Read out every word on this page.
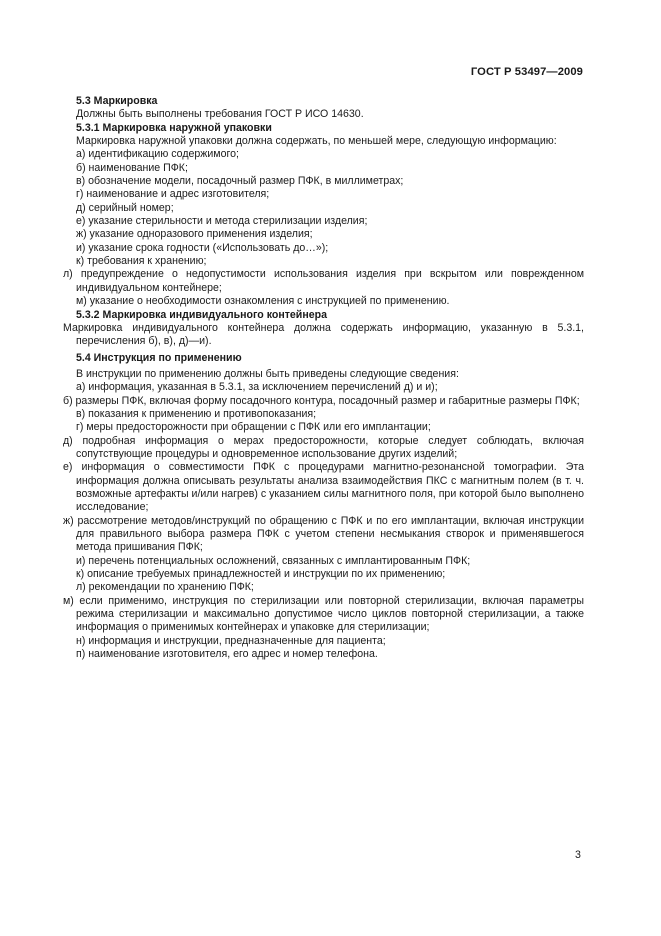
ГОСТ Р 53497—2009

5.3 Маркировка

Должны быть выполнены требования ГОСТ Р ИСО 14630.

5.3.1 Маркировка наружной упаковки

Маркировка наружной упаковки должна содержать, по меньшей мере, следующую информацию:

а) идентификацию содержимого;

б) наименование ПФК;

в) обозначение модели, посадочный размер ПФК, в миллиметрах;

г) наименование и адрес изготовителя;

д) серийный номер;

е) указание стерильности и метода стерилизации изделия;

ж) указание одноразового применения изделия;

и) указание срока годности («Использовать до…»);

к) требования к хранению;

л) предупреждение о недопустимости использования изделия при вскрытом или поврежденном индивидуальном контейнере;

м) указание о необходимости ознакомления с инструкцией по применению.

5.3.2 Маркировка индивидуального контейнера

Маркировка индивидуального контейнера должна содержать информацию, указанную в 5.3.1, перечисления б), в), д)—и).

5.4 Инструкция по применению

В инструкции по применению должны быть приведены следующие сведения:

а) информация, указанная в 5.3.1, за исключением перечислений д) и и);

б) размеры ПФК, включая форму посадочного контура, посадочный размер и габаритные размеры ПФК;

в) показания к применению и противопоказания;

г) меры предосторожности при обращении с ПФК или его имплантации;

д) подробная информация о мерах предосторожности, которые следует соблюдать, включая сопутствующие процедуры и одновременное использование других изделий;

е) информация о совместимости ПФК с процедурами магнитно-резонансной томографии. Эта информация должна описывать результаты анализа взаимодействия ПКС с магнитным полем (в т. ч. возможные артефакты и/или нагрев) с указанием силы магнитного поля, при которой было выполнено исследование;

ж) рассмотрение методов/инструкций по обращению с ПФК и по его имплантации, включая инструкции для правильного выбора размера ПФК с учетом степени несмыкания створок и применявшегося метода пришивания ПФК;

и) перечень потенциальных осложнений, связанных с имплантированным ПФК;

к) описание требуемых принадлежностей и инструкции по их применению;

л) рекомендации по хранению ПФК;

м) если применимо, инструкция по стерилизации или повторной стерилизации, включая параметры режима стерилизации и максимально допустимое число циклов повторной стерилизации, а также информация о применимых контейнерах и упаковке для стерилизации;

н) информация и инструкции, предназначенные для пациента;

п) наименование изготовителя, его адрес и номер телефона.

3
